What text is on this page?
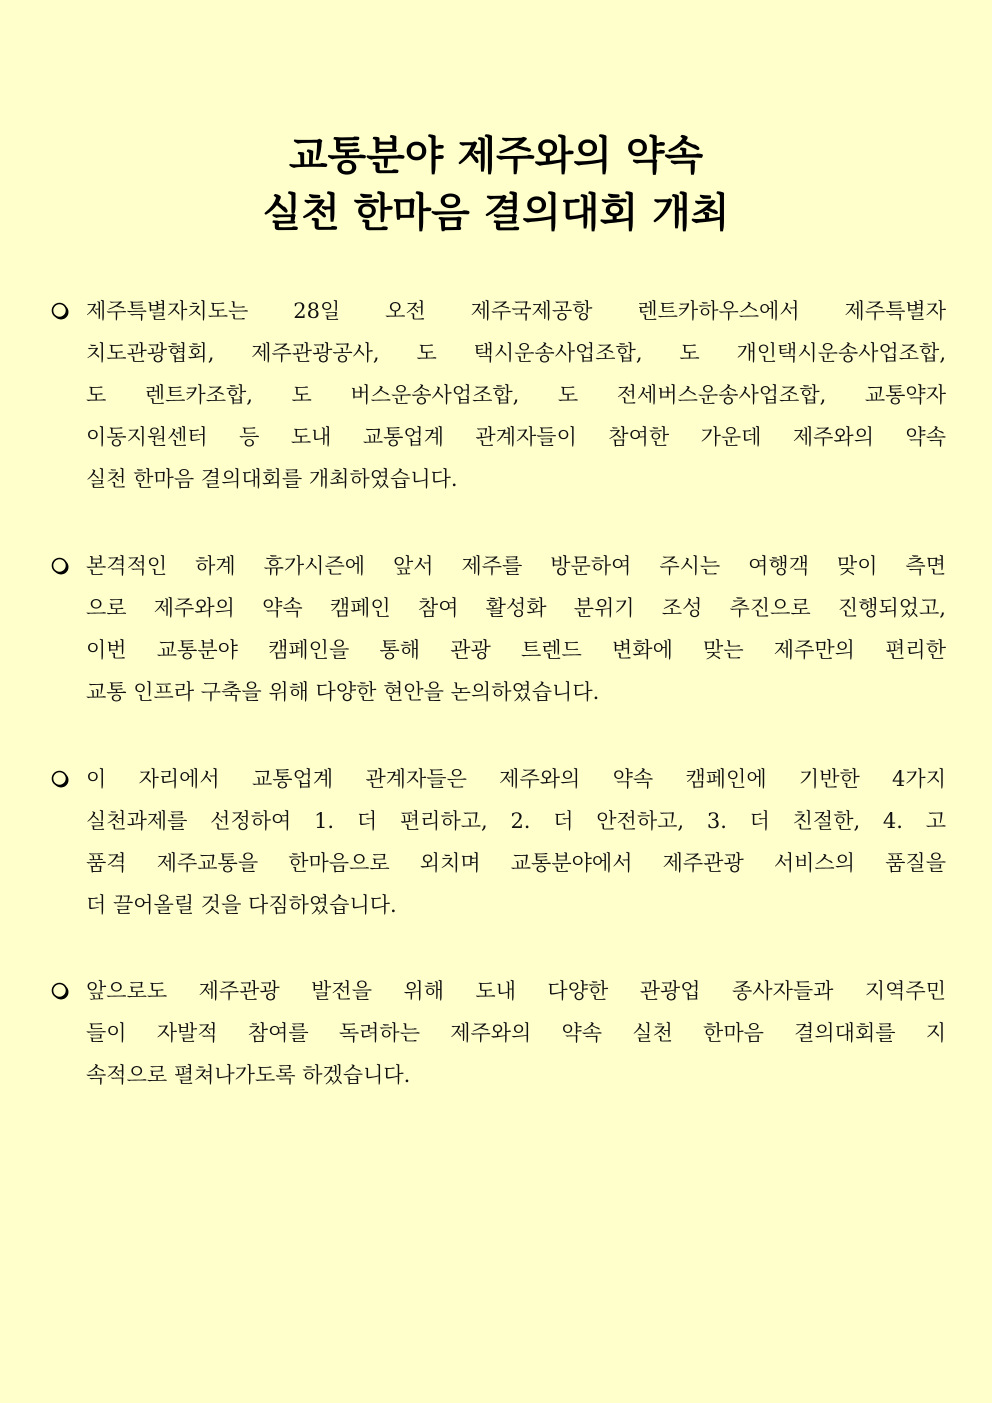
교통분야 제주와의 약속
실천 한마음 결의대회 개최
제주특별자치도는 28일 오전 제주국제공항 렌트카하우스에서 제주특별자
치도관광협회, 제주관광공사, 도 택시운송사업조합, 도 개인택시운송사업조합,
도 렌트카조합, 도 버스운송사업조합, 도 전세버스운송사업조합, 교통약자
이동지원센터 등 도내 교통업계 관계자들이 참여한 가운데 제주와의 약속
실천 한마음 결의대회를 개최하였습니다.
본격적인 하계 휴가시즌에 앞서 제주를 방문하여 주시는 여행객 맞이 측면
으로 제주와의 약속 캠페인 참여 활성화 분위기 조성 추진으로 진행되었고,
이번 교통분야 캠페인을 통해 관광 트렌드 변화에 맞는 제주만의 편리한
교통 인프라 구축을 위해 다양한 현안을 논의하였습니다.
이 자리에서 교통업계 관계자들은 제주와의 약속 캠페인에 기반한 4가지
실천과제를 선정하여 1. 더 편리하고, 2. 더 안전하고, 3. 더 친절한, 4. 고
품격 제주교통을 한마음으로 외치며 교통분야에서 제주관광 서비스의 품질을
더 끌어올릴 것을 다짐하였습니다.
앞으로도 제주관광 발전을 위해 도내 다양한 관광업 종사자들과 지역주민
들이 자발적 참여를 독려하는 제주와의 약속 실천 한마음 결의대회를 지
속적으로 펼쳐나가도록 하겠습니다.
